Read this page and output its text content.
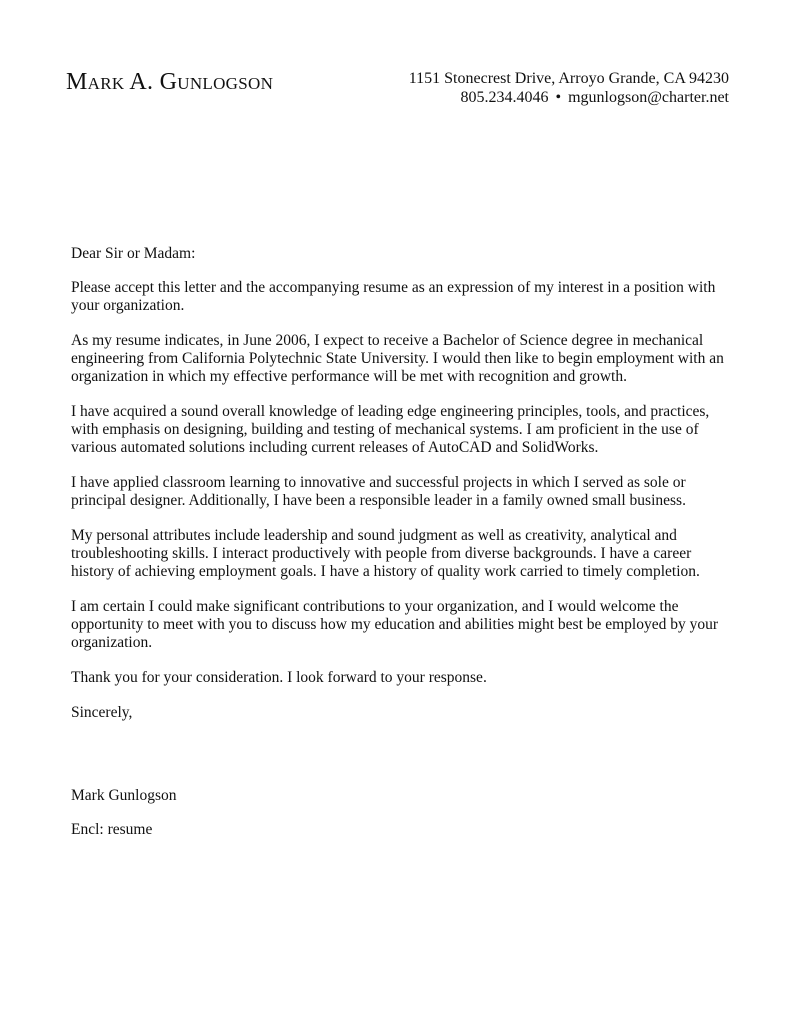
Mark A. Gunlogson	1151 Stonecrest Drive, Arroyo Grande, CA 94230
805.234.4046 • mgunlogson@charter.net

Dear Sir or Madam:

Please accept this letter and the accompanying resume as an expression of my interest in a position with your organization.

As my resume indicates, in June 2006, I expect to receive a Bachelor of Science degree in mechanical engineering from California Polytechnic State University. I would then like to begin employment with an organization in which my effective performance will be met with recognition and growth.

I have acquired a sound overall knowledge of leading edge engineering principles, tools, and practices, with emphasis on designing, building and testing of mechanical systems. I am proficient in the use of various automated solutions including current releases of AutoCAD and SolidWorks.

I have applied classroom learning to innovative and successful projects in which I served as sole or principal designer. Additionally, I have been a responsible leader in a family owned small business.

My personal attributes include leadership and sound judgment as well as creativity, analytical and troubleshooting skills. I interact productively with people from diverse backgrounds. I have a career history of achieving employment goals. I have a history of quality work carried to timely completion.

I am certain I could make significant contributions to your organization, and I would welcome the opportunity to meet with you to discuss how my education and abilities might best be employed by your organization.

Thank you for your consideration. I look forward to your response.

Sincerely,

Mark Gunlogson

Encl: resume
